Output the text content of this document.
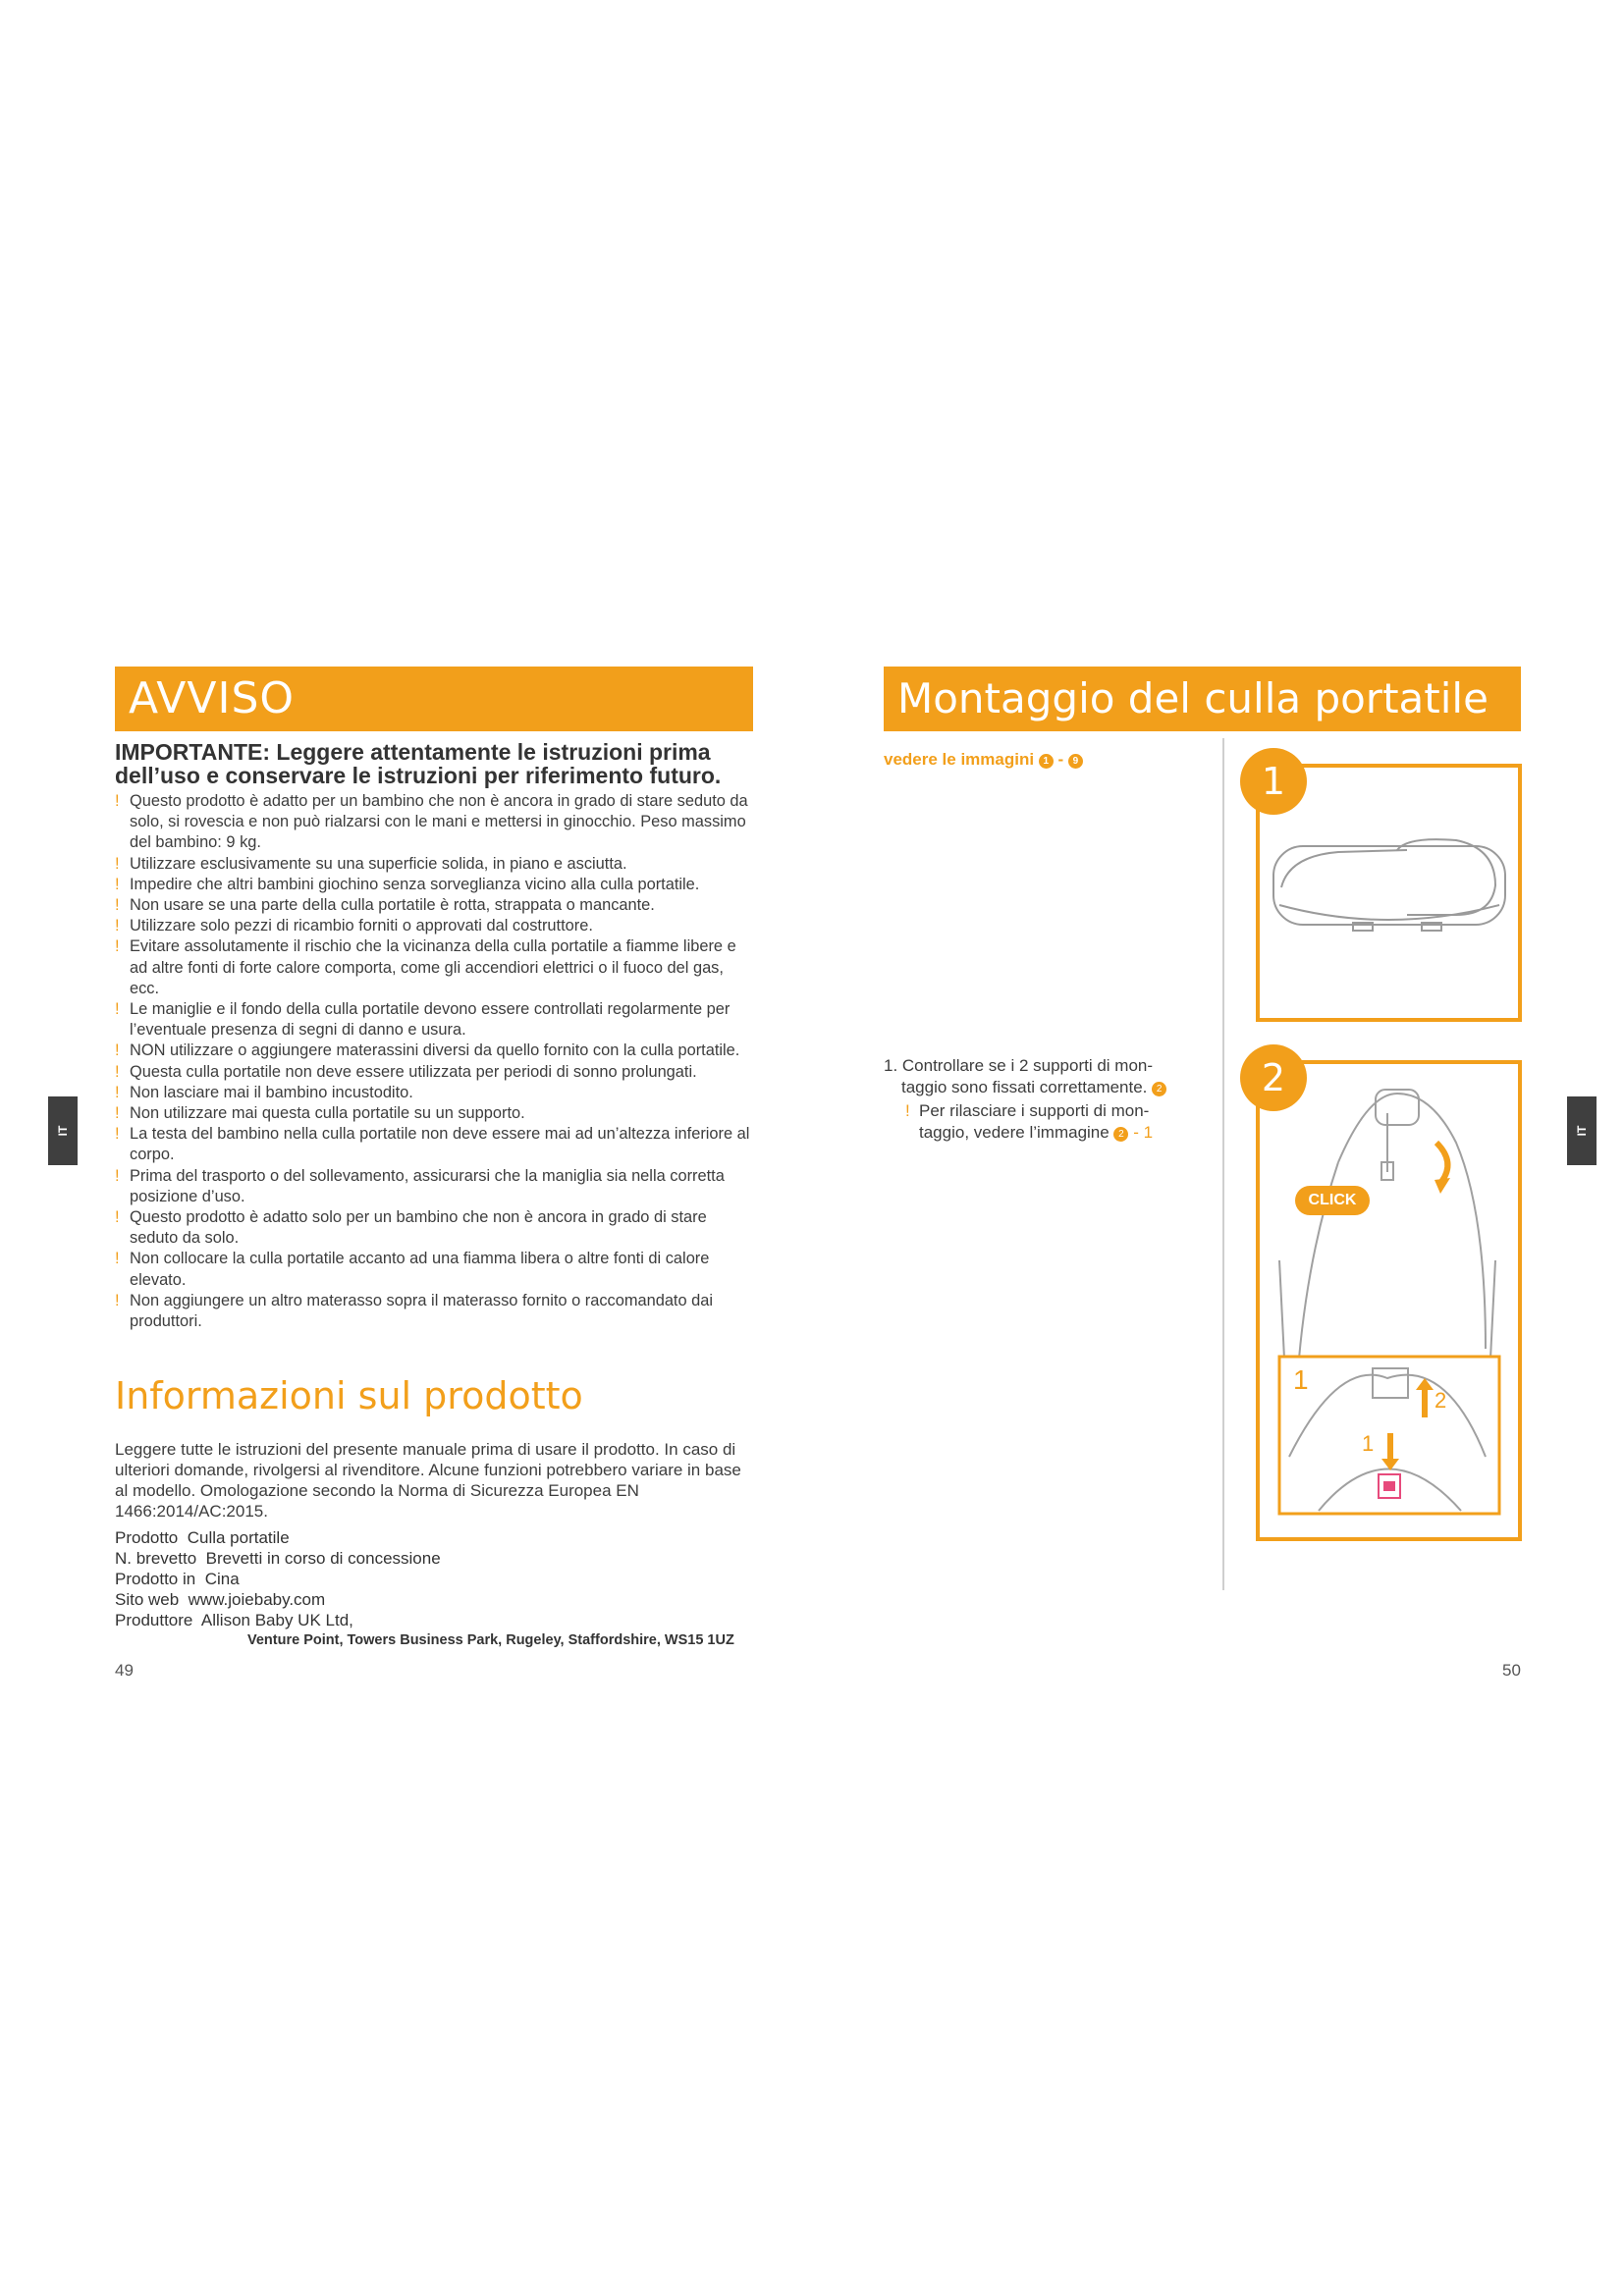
AVVISO
IMPORTANTE: Leggere attentamente le istruzioni prima dell’uso e conservare le istruzioni per riferimento futuro.
! Questo prodotto è adatto per un bambino che non è ancora in grado di stare seduto da solo, si rovescia e non può rialzarsi con le mani e mettersi in ginocchio. Peso massimo del bambino: 9 kg.
! Utilizzare esclusivamente su una superficie solida, in piano e asciutta.
! Impedire che altri bambini giochino senza sorveglianza vicino alla culla portatile.
! Non usare se una parte della culla portatile è rotta, strappata o mancante.
! Utilizzare solo pezzi di ricambio forniti o approvati dal costruttore.
! Evitare assolutamente il rischio che la vicinanza della culla portatile a fiamme libere e ad altre fonti di forte calore comporta, come gli accendiori elettrici o il fuoco del gas, ecc.
! Le maniglie e il fondo della culla portatile devono essere controllati regolarmente per l’eventuale presenza di segni di danno e usura.
! NON utilizzare o aggiungere materassini diversi da quello fornito con la culla portatile.
! Questa culla portatile non deve essere utilizzata per periodi di sonno prolungati.
! Non lasciare mai il bambino incustodito.
! Non utilizzare mai questa culla portatile su un supporto.
! La testa del bambino nella culla portatile non deve essere mai ad un’altezza inferiore al corpo.
! Prima del trasporto o del sollevamento, assicurarsi che la maniglia sia nella corretta posizione d’uso.
! Questo prodotto è adatto solo per un bambino che non è ancora in grado di stare seduto da solo.
! Non collocare la culla portatile accanto ad una fiamma libera o altre fonti di calore elevato.
! Non aggiungere un altro materasso sopra il materasso fornito o raccomandato dai produttori.
Informazioni sul prodotto
Leggere tutte le istruzioni del presente manuale prima di usare il prodotto. In caso di ulteriori domande, rivolgersi al rivenditore. Alcune funzioni potrebbero variare in base al modello. Omologazione secondo la Norma di Sicurezza Europea EN 1466:2014/AC:2015.
Prodotto Culla portatile
N. brevetto Brevetti in corso di concessione
Prodotto in Cina
Sito web www.joiebaby.com
Produttore Allison Baby UK Ltd,
Venture Point, Towers Business Park, Rugeley, Staffordshire, WS15 1UZ
49
IT
Montaggio del culla portatile
vedere le immagini 1 - 9
1. Controllare se i 2 supporti di mon-
taggio sono fissati correttamente. 2
! Per rilasciare i supporti di mon-
taggio, vedere l’immagine 2 - 1
1
CLICK
1
2
1
2
50
IT
